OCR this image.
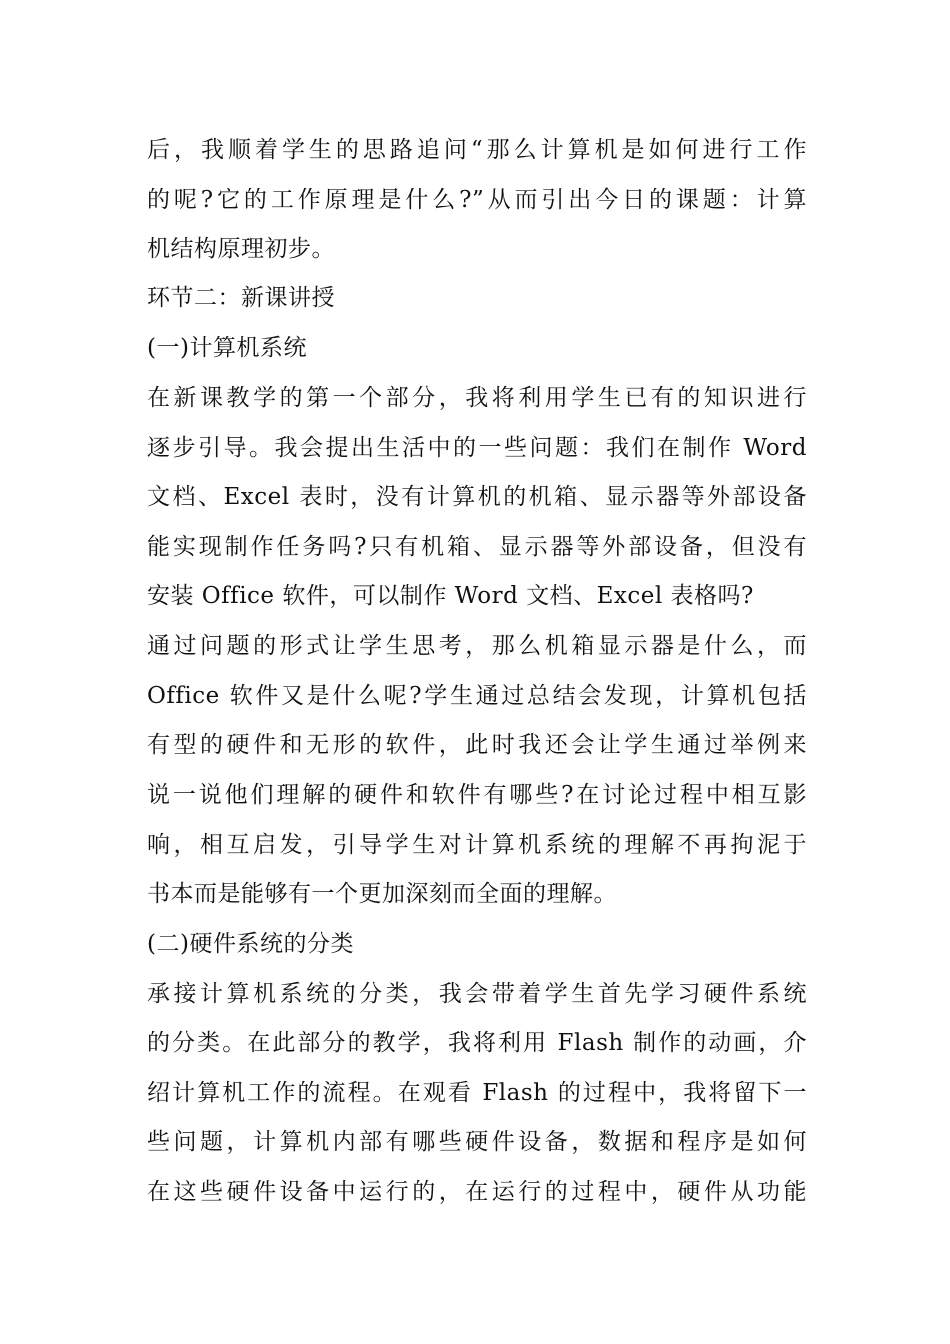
后，我顺着学生的思路追问“那么计算机是如何进行工作
的呢?它的工作原理是什么?”从而引出今日的课题：计算
机结构原理初步。
环节二：新课讲授
(一)计算机系统
在新课教学的第一个部分，我将利用学生已有的知识进行
逐步引导。我会提出生活中的一些问题：我们在制作 Word
文档、Excel 表时，没有计算机的机箱、显示器等外部设备
能实现制作任务吗?只有机箱、显示器等外部设备，但没有
安装 Office 软件，可以制作 Word 文档、Excel 表格吗?
通过问题的形式让学生思考，那么机箱显示器是什么，而
Office 软件又是什么呢?学生通过总结会发现，计算机包括
有型的硬件和无形的软件，此时我还会让学生通过举例来
说一说他们理解的硬件和软件有哪些?在讨论过程中相互影
响，相互启发，引导学生对计算机系统的理解不再拘泥于
书本而是能够有一个更加深刻而全面的理解。
(二)硬件系统的分类
承接计算机系统的分类，我会带着学生首先学习硬件系统
的分类。在此部分的教学，我将利用 Flash 制作的动画，介
绍计算机工作的流程。在观看 Flash 的过程中，我将留下一
些问题，计算机内部有哪些硬件设备，数据和程序是如何
在这些硬件设备中运行的，在运行的过程中，硬件从功能
